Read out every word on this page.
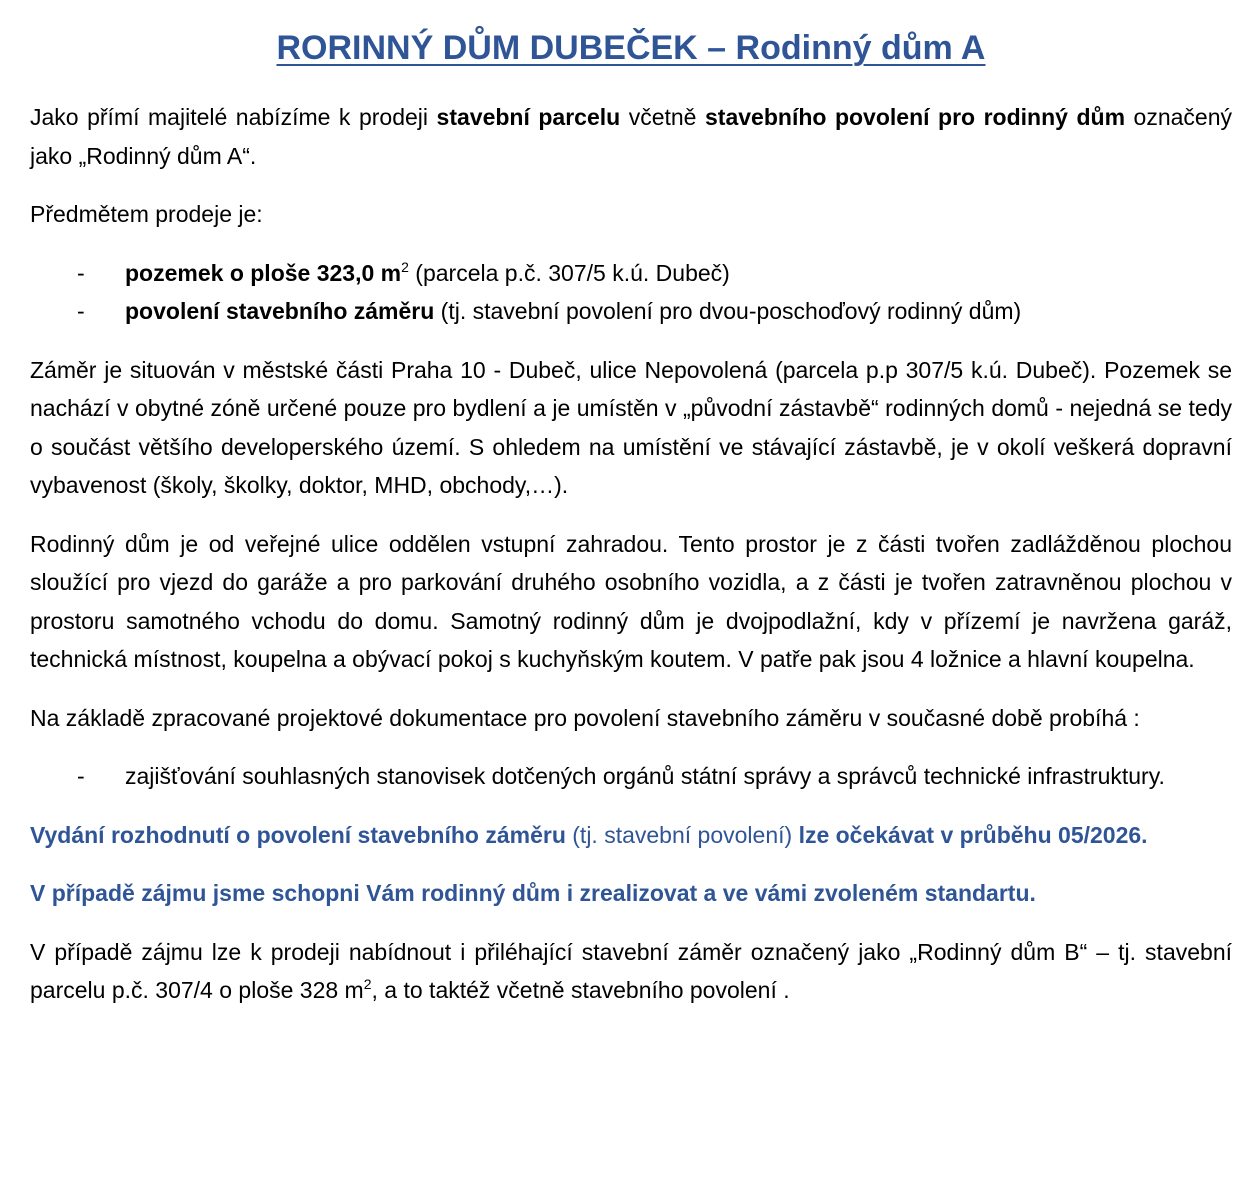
RORINNÝ DŮM DUBEČEK – Rodinný dům A

Jako přímí majitelé nabízíme k prodeji stavební parcelu včetně stavebního povolení pro rodinný dům označený jako „Rodinný dům A“.

Předmětem prodeje je:

- pozemek o ploše 323,0 $m^2$ (parcela p.č. 307/5 k.ú. Dubeč)
- povolení stavebního záměru (tj. stavební povolení pro dvou-poschoďový rodinný dům)

Záměr je situován v městské části Praha 10 - Dubeč, ulice Nepovolená (parcela p.p 307/5 k.ú. Dubeč). Pozemek se nachází v obytné zóně určené pouze pro bydlení a je umístěn v „původní zástavbě“ rodinných domů - nejedná se tedy o součást většího developerského území. S ohledem na umístění ve stávající zástavbě, je v okolí veškerá dopravní vybavenost (školy, školky, doktor, MHD, obchody,…).

Rodinný dům je od veřejné ulice oddělen vstupní zahradou. Tento prostor je z části tvořen zadlážděnou plochou sloužící pro vjezd do garáže a pro parkování druhého osobního vozidla, a z části je tvořen zatravněnou plochou v prostoru samotného vchodu do domu. Samotný rodinný dům je dvojpodlažní, kdy v přízemí je navržena garáž, technická místnost, koupelna a obývací pokoj s kuchyňským koutem. V patře pak jsou 4 ložnice a hlavní koupelna.

Na základě zpracované projektové dokumentace pro povolení stavebního záměru v současné době probíhá :

- zajišťování souhlasných stanovisek dotčených orgánů státní správy a správců technické infrastruktury.

Vydání rozhodnutí o povolení stavebního záměru (tj. stavební povolení) lze očekávat v průběhu 05/2026.

V případě zájmu jsme schopni Vám rodinný dům i zrealizovat a ve vámi zvoleném standartu.

V případě zájmu lze k prodeji nabídnout i přiléhající stavební záměr označený jako „Rodinný dům B“ – tj. stavební parcelu p.č. 307/4 o ploše 328 $m^2$, a to taktéž včetně stavebního povolení .
